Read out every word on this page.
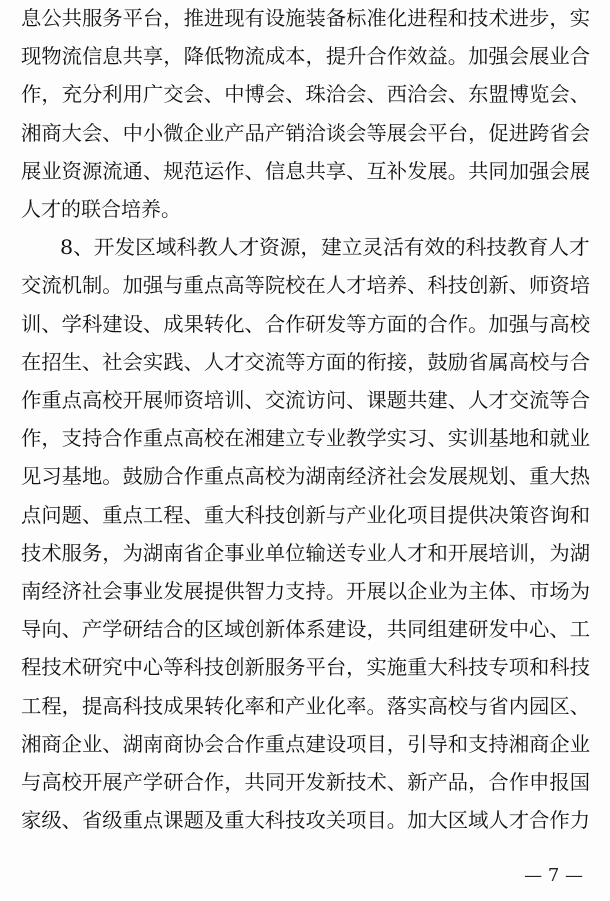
息公共服务平台，推进现有设施装备标准化进程和技术进步，实
现物流信息共享，降低物流成本，提升合作效益。加强会展业合
作，充分利用广交会、中博会、珠洽会、西洽会、东盟博览会、
湘商大会、中小微企业产品产销洽谈会等展会平台，促进跨省会
展业资源流通、规范运作、信息共享、互补发展。共同加强会展
人才的联合培养。
8、开发区域科教人才资源，建立灵活有效的科技教育人才
交流机制。加强与重点高等院校在人才培养、科技创新、师资培
训、学科建设、成果转化、合作研发等方面的合作。加强与高校
在招生、社会实践、人才交流等方面的衔接，鼓励省属高校与合
作重点高校开展师资培训、交流访问、课题共建、人才交流等合
作，支持合作重点高校在湘建立专业教学实习、实训基地和就业
见习基地。鼓励合作重点高校为湖南经济社会发展规划、重大热
点问题、重点工程、重大科技创新与产业化项目提供决策咨询和
技术服务，为湖南省企事业单位输送专业人才和开展培训，为湖
南经济社会事业发展提供智力支持。开展以企业为主体、市场为
导向、产学研结合的区域创新体系建设，共同组建研发中心、工
程技术研究中心等科技创新服务平台，实施重大科技专项和科技
工程，提高科技成果转化率和产业化率。落实高校与省内园区、
湘商企业、湖南商协会合作重点建设项目，引导和支持湘商企业
与高校开展产学研合作，共同开发新技术、新产品，合作申报国
家级、省级重点课题及重大科技攻关项目。加大区域人才合作力
— 7 —
